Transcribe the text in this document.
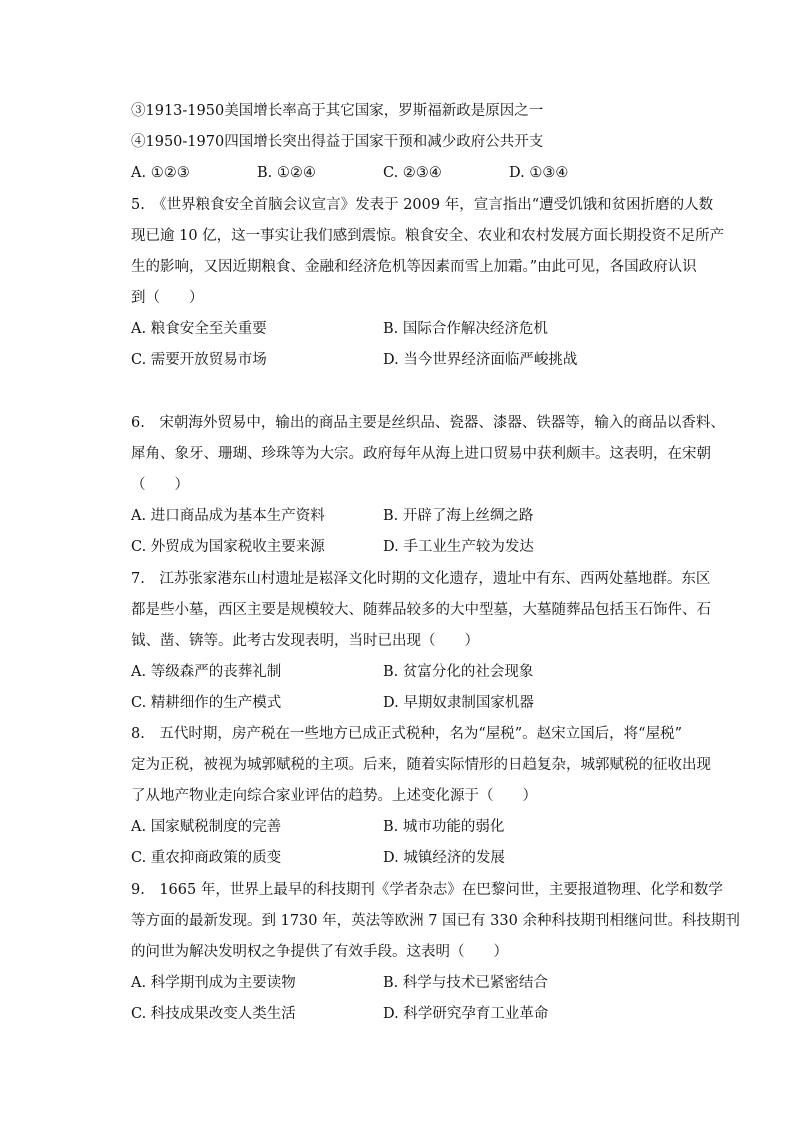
③1913-1950美国增长率高于其它国家，罗斯福新政是原因之一
④1950-1970四国增长突出得益于国家干预和减少政府公共开支
A. ①②③	B. ①②④	C. ②③④	D. ①③④
5.　《世界粮食安全首脑会议宣言》发表于 2009 年，宣言指出“遭受饥饿和贫困折磨的人数
现已逾 10 亿，这一事实让我们感到震惊。粮食安全、农业和农村发展方面长期投资不足所产
生的影响，又因近期粮食、金融和经济危机等因素而雪上加霜。”由此可见，各国政府认识
到（　　）
A. 粮食安全至关重要	B. 国际合作解决经济危机
C. 需要开放贸易市场	D. 当今世界经济面临严峻挑战
6.　宋朝海外贸易中，输出的商品主要是丝织品、瓷器、漆器、铁器等，输入的商品以香料、
犀角、象牙、珊瑚、珍珠等为大宗。政府每年从海上进口贸易中获利颇丰。这表明，在宋朝
（　　）
A. 进口商品成为基本生产资料	B. 开辟了海上丝绸之路
C. 外贸成为国家税收主要来源	D. 手工业生产较为发达
7.　江苏张家港东山村遗址是崧泽文化时期的文化遗存，遗址中有东、西两处墓地群。东区
都是些小墓，西区主要是规模较大、随葬品较多的大中型墓，大墓随葬品包括玉石饰件、石
钺、凿、锛等。此考古发现表明，当时已出现（　　）
A. 等级森严的丧葬礼制	B. 贫富分化的社会现象
C. 精耕细作的生产模式	D. 早期奴隶制国家机器
8.　五代时期，房产税在一些地方已成正式税种，名为“屋税”。赵宋立国后，将“屋税”
定为正税，被视为城郭赋税的主项。后来，随着实际情形的日趋复杂，城郭赋税的征收出现
了从地产物业走向综合家业评估的趋势。上述变化源于（　　）
A. 国家赋税制度的完善	B. 城市功能的弱化
C. 重农抑商政策的质变	D. 城镇经济的发展
9.　1665 年，世界上最早的科技期刊《学者杂志》在巴黎问世，主要报道物理、化学和数学
等方面的最新发现。到 1730 年，英法等欧洲 7 国已有 330 余种科技期刊相继问世。科技期刊
的问世为解决发明权之争提供了有效手段。这表明（　　）
A. 科学期刊成为主要读物	B. 科学与技术已紧密结合
C. 科技成果改变人类生活	D. 科学研究孕育工业革命
